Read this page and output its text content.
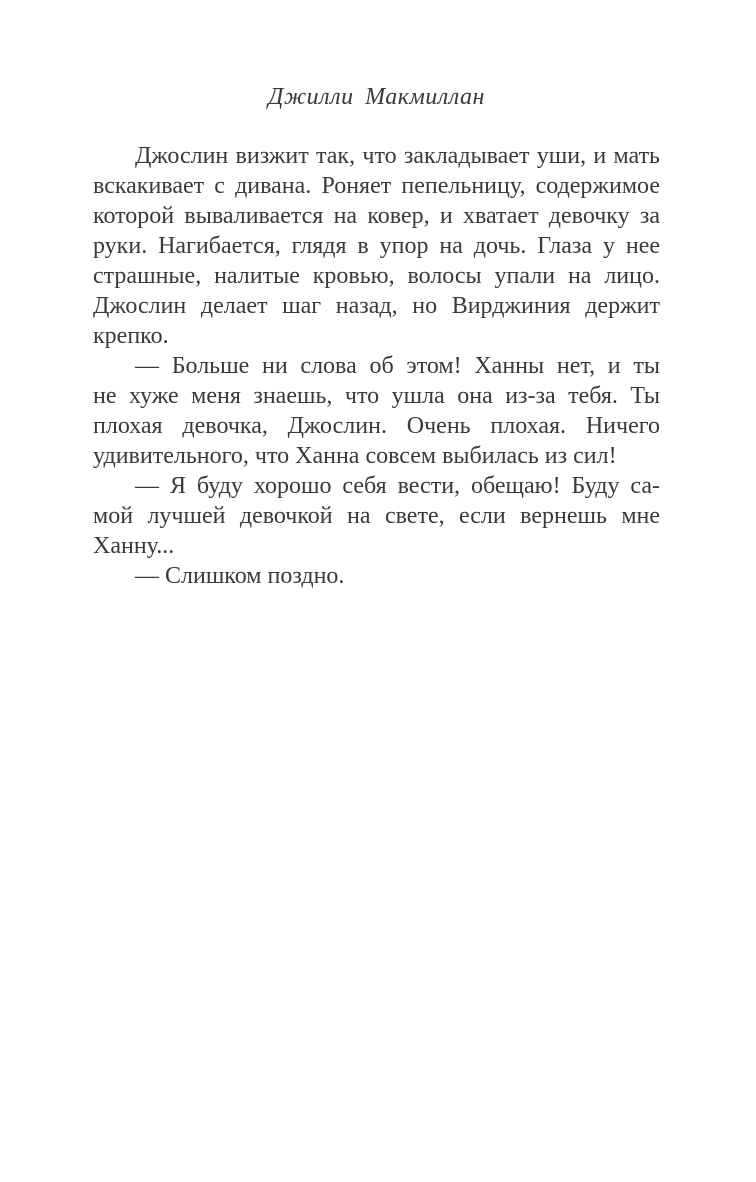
Джилли Макмиллан
Джослин визжит так, что закладывает уши, и мать
вскакивает с дивана. Роняет пепельницу, содержимое
которой вываливается на ковер, и хватает девочку за
руки. Нагибается, глядя в упор на дочь. Глаза у нее
страшные, налитые кровью, волосы упали на лицо.
Джослин делает шаг назад, но Вирджиния держит
крепко.
— Больше ни слова об этом! Ханны нет, и ты
не хуже меня знаешь, что ушла она из-за тебя. Ты
плохая девочка, Джослин. Очень плохая. Ничего
удивительного, что Ханна совсем выбилась из сил!
— Я буду хорошо себя вести, обещаю! Буду са-
мой лучшей девочкой на свете, если вернешь мне
Ханну...
— Слишком поздно.
